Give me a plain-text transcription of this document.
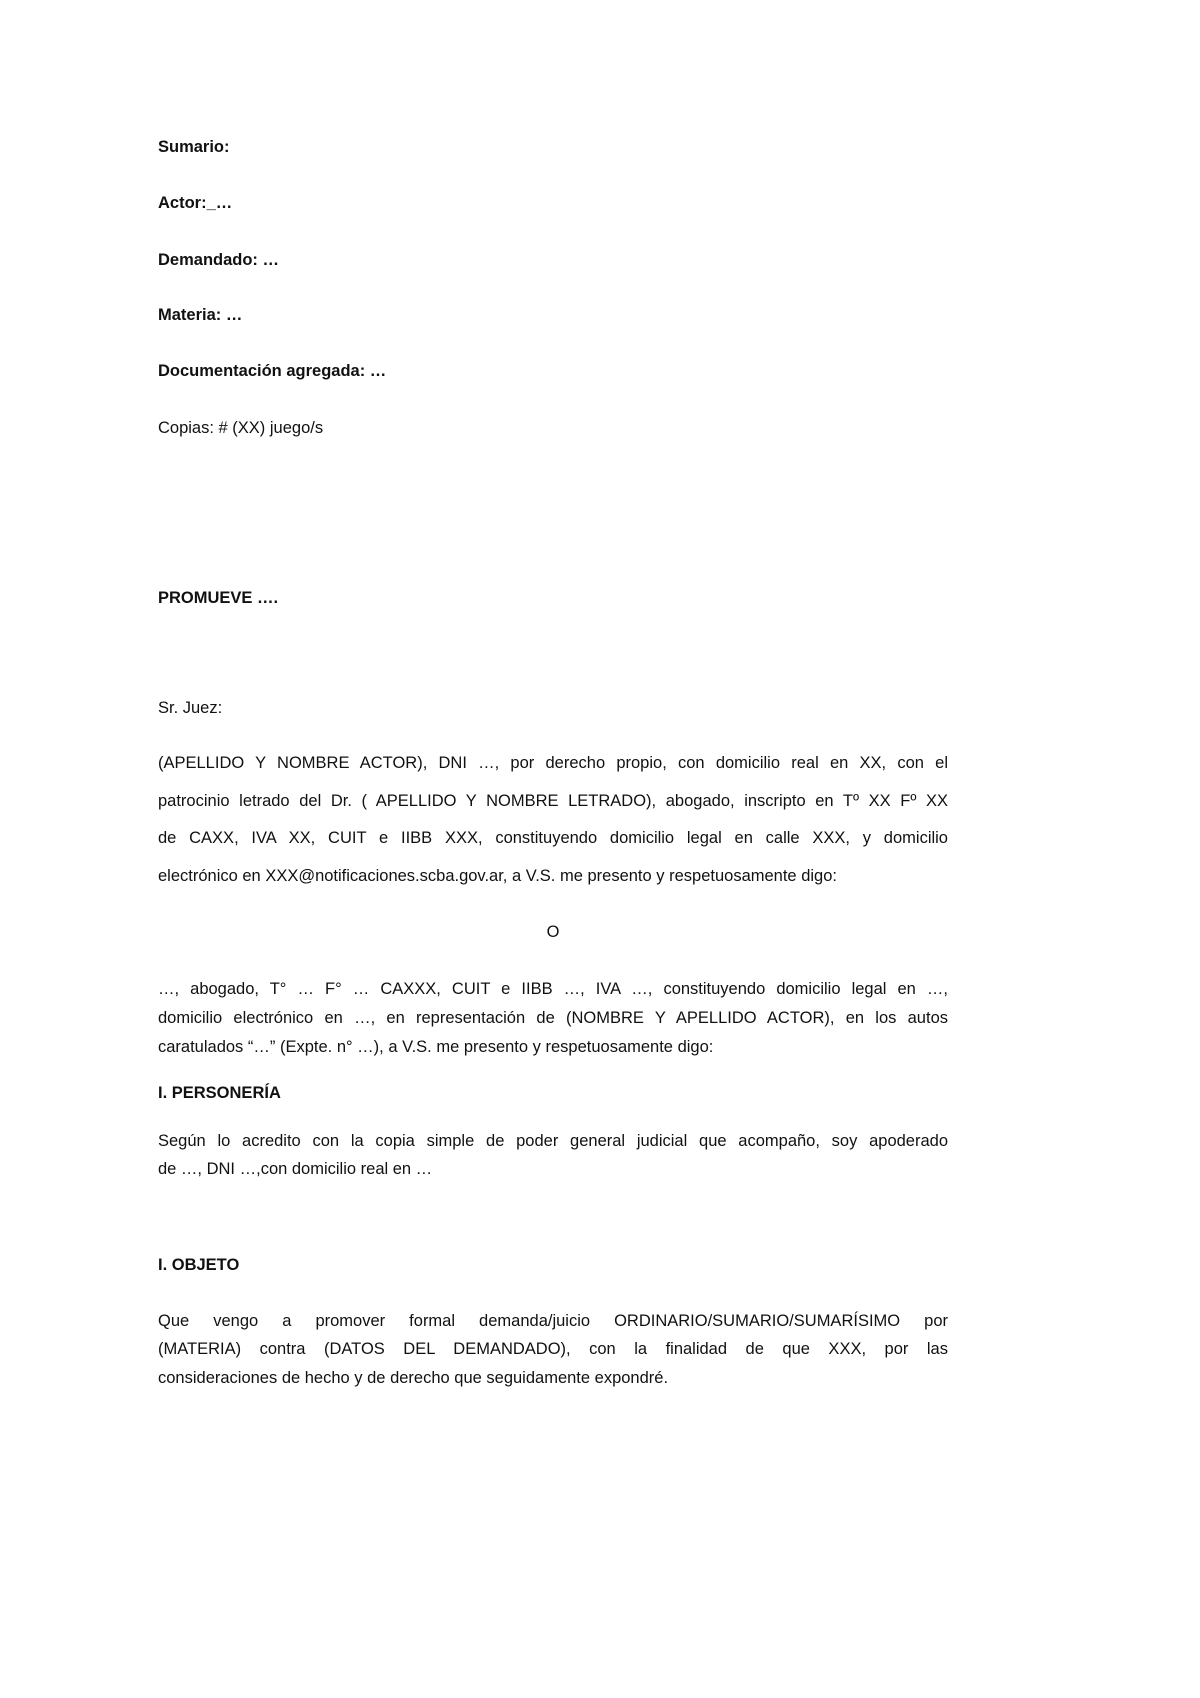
Sumario:
Actor:_…
Demandado: …
Materia: …
Documentación agregada: …
Copias: # (XX) juego/s
PROMUEVE ….
Sr. Juez:
(APELLIDO Y NOMBRE ACTOR), DNI …, por derecho propio, con domicilio real en XX, con el
patrocinio letrado del Dr. ( APELLIDO Y NOMBRE LETRADO), abogado, inscripto en Tº XX Fº XX
de CAXX, IVA XX, CUIT e IIBB XXX, constituyendo domicilio legal en calle XXX, y domicilio
electrónico en XXX@notificaciones.scba.gov.ar, a V.S. me presento y respetuosamente digo:
O
…, abogado, T° … F° … CAXXX, CUIT e IIBB …, IVA …, constituyendo domicilio legal en …,
domicilio electrónico en …, en representación de (NOMBRE Y APELLIDO ACTOR), en los autos
caratulados “…” (Expte. n° …), a V.S. me presento y respetuosamente digo:
I. PERSONERÍA
Según lo acredito con la copia simple de poder general judicial que acompaño, soy apoderado
de …, DNI …,con domicilio real en …
I. OBJETO
Que vengo a promover formal demanda/juicio ORDINARIO/SUMARIO/SUMARÍSIMO por
(MATERIA) contra (DATOS DEL DEMANDADO), con la finalidad de que XXX, por las
consideraciones de hecho y de derecho que seguidamente expondré.
